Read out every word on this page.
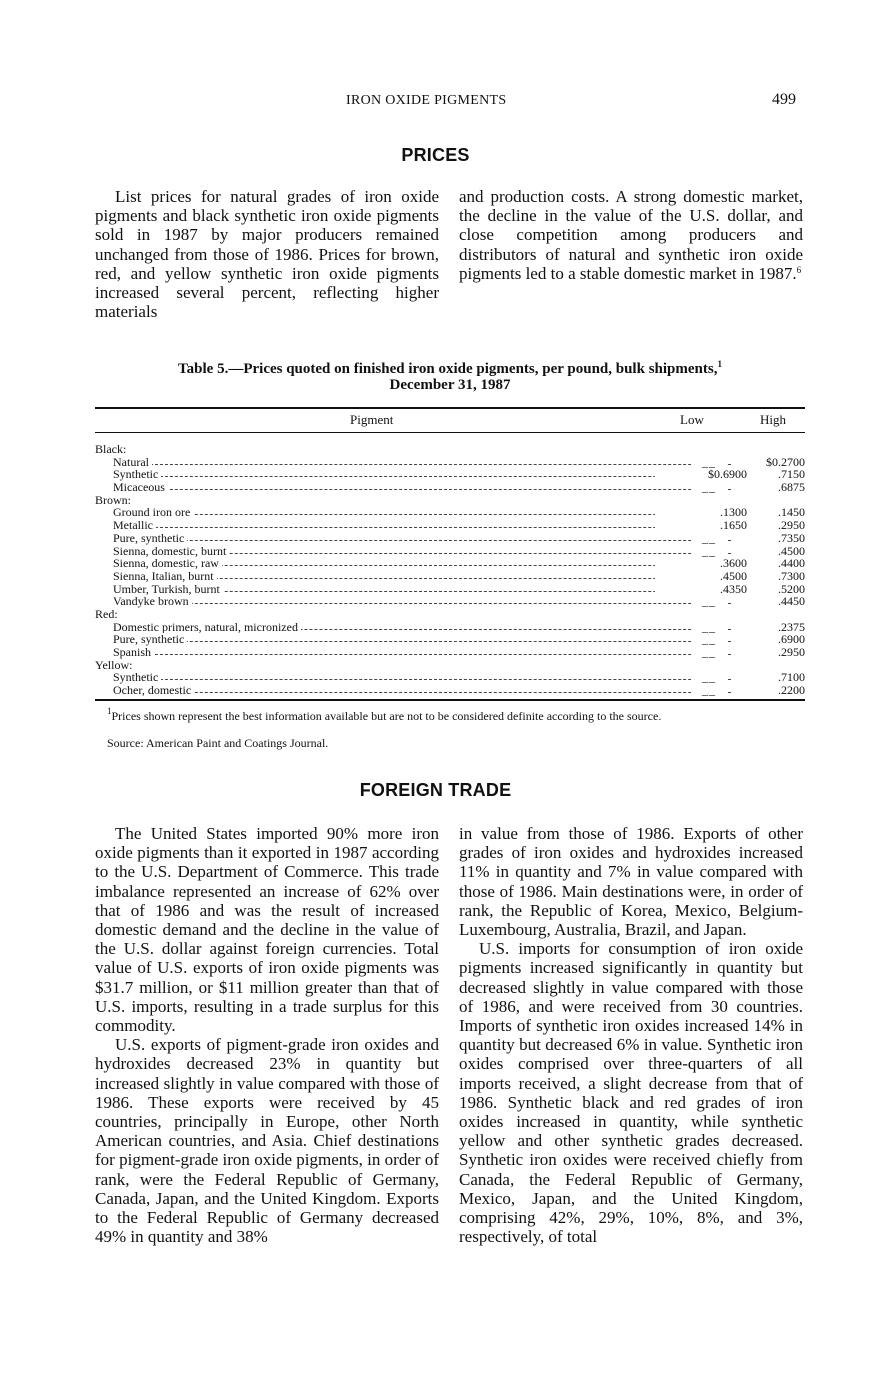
IRON OXIDE PIGMENTS	499
PRICES

List prices for natural grades of iron oxide pigments and black synthetic iron oxide pigments sold in 1987 by major producers remained unchanged from those of 1986. Prices for brown, red, and yellow synthetic iron oxide pigments increased several percent, reflecting higher materials

and production costs. A strong domestic market, the decline in the value of the U.S. dollar, and close competition among producers and distributors of natural and synthetic iron oxide pigments led to a stable domestic market in 1987.$^6$

Table 5.—Prices quoted on finished iron oxide pigments, per pound, bulk shipments,$^1$
December 31, 1987
Pigment	Low	High
Black:
Natural	__	$0.2700
Synthetic	$0.6900	.7150
Micaceous	__	.6875
Brown:
Ground iron ore	.1300	.1450
Metallic	.1650	.2950
Pure, synthetic	__	.7350
Sienna, domestic, burnt	__	.4500
Sienna, domestic, raw	.3600	.4400
Sienna, Italian, burnt	.4500	.7300
Umber, Turkish, burnt	.4350	.5200
Vandyke brown	__	.4450
Red:
Domestic primers, natural, micronized	__	.2375
Pure, synthetic	__	.6900
Spanish	__	.2950
Yellow:
Synthetic	__	.7100
Ocher, domestic	__	.2200
$^1$Prices shown represent the best information available but are not to be considered definite according to the source.
Source: American Paint and Coatings Journal.
FOREIGN TRADE

The United States imported 90% more iron oxide pigments than it exported in 1987 according to the U.S. Department of Commerce. This trade imbalance represented an increase of 62% over that of 1986 and was the result of increased domestic demand and the decline in the value of the U.S. dollar against foreign currencies. Total value of U.S. exports of iron oxide pigments was $31.7 million, or $11 million greater than that of U.S. imports, resulting in a trade surplus for this commodity.

U.S. exports of pigment-grade iron oxides and hydroxides decreased 23% in quantity but increased slightly in value compared with those of 1986. These exports were received by 45 countries, principally in Europe, other North American countries, and Asia. Chief destinations for pigment-grade iron oxide pigments, in order of rank, were the Federal Republic of Germany, Canada, Japan, and the United Kingdom. Exports to the Federal Republic of Germany decreased 49% in quantity and 38%

in value from those of 1986. Exports of other grades of iron oxides and hydroxides increased 11% in quantity and 7% in value compared with those of 1986. Main destinations were, in order of rank, the Republic of Korea, Mexico, Belgium-Luxembourg, Australia, Brazil, and Japan.

U.S. imports for consumption of iron oxide pigments increased significantly in quantity but decreased slightly in value compared with those of 1986, and were received from 30 countries. Imports of synthetic iron oxides increased 14% in quantity but decreased 6% in value. Synthetic iron oxides comprised over three-quarters of all imports received, a slight decrease from that of 1986. Synthetic black and red grades of iron oxides increased in quantity, while synthetic yellow and other synthetic grades decreased. Synthetic iron oxides were received chiefly from Canada, the Federal Republic of Germany, Mexico, Japan, and the United Kingdom, comprising 42%, 29%, 10%, 8%, and 3%, respectively, of total
